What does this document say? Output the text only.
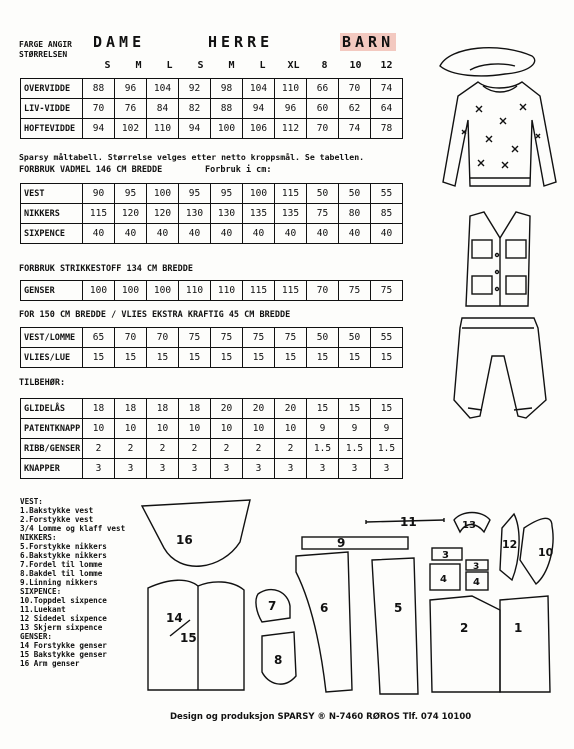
FARGE ANGIR
STØRRELSEN
DAME	HERRE	BARN
S	M	L	S	M	L	XL	8	10	12
OVERVIDDE	88	96	104	92	98	104	110	66	70	74
LIV-VIDDE	70	76	84	82	88	94	96	60	62	64
HOFTEVIDDE	94	102	110	94	100	106	112	70	74	78
Sparsy måltabell. Størrelse velges etter netto kroppsmål. Se tabellen.
FORBRUK VADMEL 146 CM BREDDE	Forbruk i cm:
VEST	90	95	100	95	95	100	115	50	50	55
NIKKERS	115	120	120	130	130	135	135	75	80	85
SIXPENCE	40	40	40	40	40	40	40	40	40	40
FORBRUK STRIKKESTOFF 134 CM BREDDE
GENSER	100	100	100	110	110	115	115	70	75	75
FOR 150 CM BREDDE / VLIES EKSTRA KRAFTIG 45 CM BREDDE
VEST/LOMME	65	70	70	75	75	75	75	50	50	55
VLIES/LUE	15	15	15	15	15	15	15	15	15	15
TILBEHØR:
GLIDELÅS	18	18	18	18	20	20	20	15	15	15
PATENTKNAPP	10	10	10	10	10	10	10	9	9	9
RIBB/GENSER	2	2	2	2	2	2	2	1.5	1.5	1.5
KNAPPER	3	3	3	3	3	3	3	3	3	3
VEST:
1.Bakstykke vest
2.Forstykke vest
3/4 Lomme og klaff vest
NIKKERS:
5.Forstykke nikkers
6.Bakstykke nikkers
7.Fordel til lomme
8.Bakdel til lomme
9.Linning nikkers
SIXPENCE:
10.Toppdel sixpence
11.Luekant
12 Sidedel sixpence
13 Skjerm sixpence
GENSER:
14 Forstykke genser
15 Bakstykke genser
16 Arm genser
16
14
15
9
7
8
6	5
11
3
4
3
4
2	1
13
12
10
Design og produksjon SPARSY ® N-7460 RØROS Tlf. 074 10100
